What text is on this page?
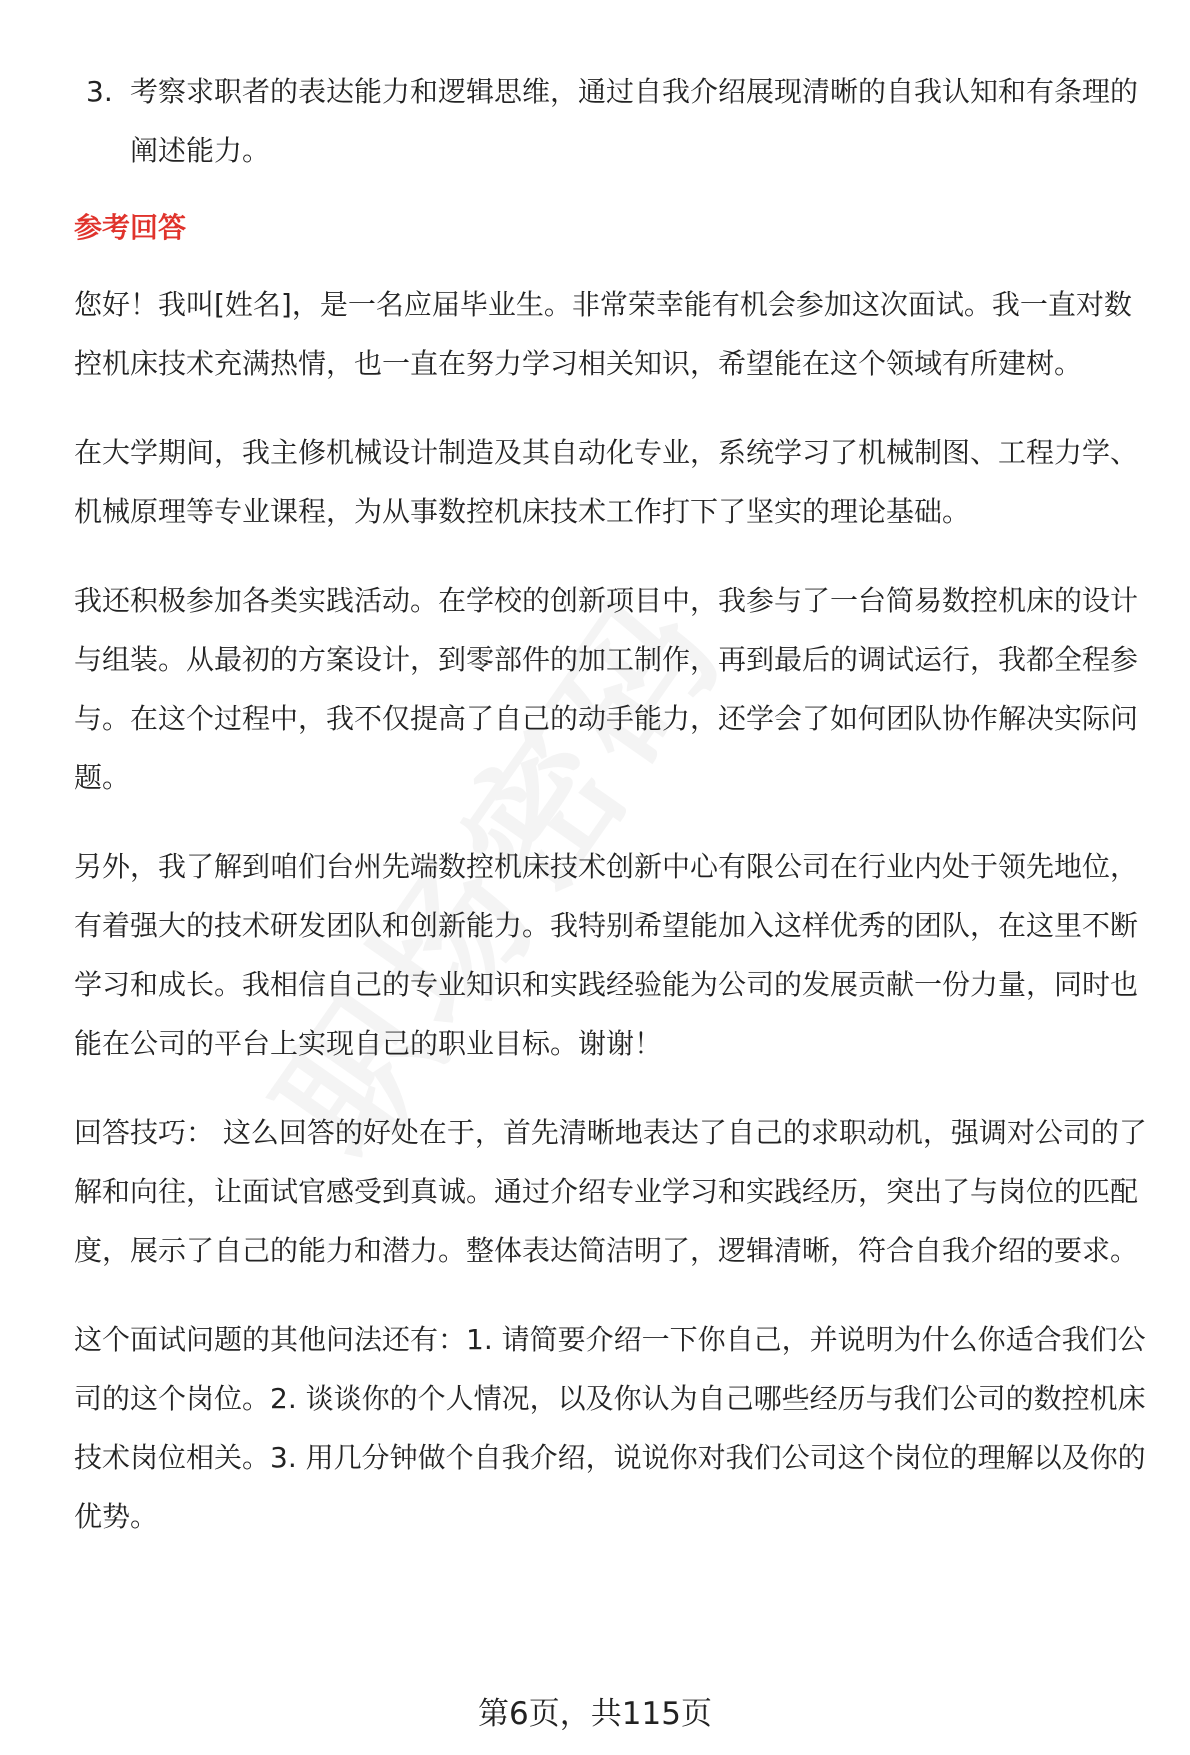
3. 考察求职者的表达能力和逻辑思维，通过自我介绍展现清晰的自我认知和有条理的阐述能力。
参考回答

您好！我叫[姓名]，是一名应届毕业生。非常荣幸能有机会参加这次面试。我一直对数控机床技术充满热情，也一直在努力学习相关知识，希望能在这个领域有所建树。

在大学期间，我主修机械设计制造及其自动化专业，系统学习了机械制图、工程力学、机械原理等专业课程，为从事数控机床技术工作打下了坚实的理论基础。

我还积极参加各类实践活动。在学校的创新项目中，我参与了一台简易数控机床的设计与组装。从最初的方案设计，到零部件的加工制作，再到最后的调试运行，我都全程参与。在这个过程中，我不仅提高了自己的动手能力，还学会了如何团队协作解决实际问题。

另外，我了解到咱们台州先端数控机床技术创新中心有限公司在行业内处于领先地位，有着强大的技术研发团队和创新能力。我特别希望能加入这样优秀的团队，在这里不断学习和成长。我相信自己的专业知识和实践经验能为公司的发展贡献一份力量，同时也能在公司的平台上实现自己的职业目标。谢谢！

回答技巧： 这么回答的好处在于，首先清晰地表达了自己的求职动机，强调对公司的了解和向往，让面试官感受到真诚。通过介绍专业学习和实践经历，突出了与岗位的匹配度，展示了自己的能力和潜力。整体表达简洁明了，逻辑清晰，符合自我介绍的要求。

这个面试问题的其他问法还有：1. 请简要介绍一下你自己，并说明为什么你适合我们公司的这个岗位。2. 谈谈你的个人情况，以及你认为自己哪些经历与我们公司的数控机床技术岗位相关。3. 用几分钟做个自我介绍，说说你对我们公司这个岗位的理解以及你的优势。

第6页，共115页
